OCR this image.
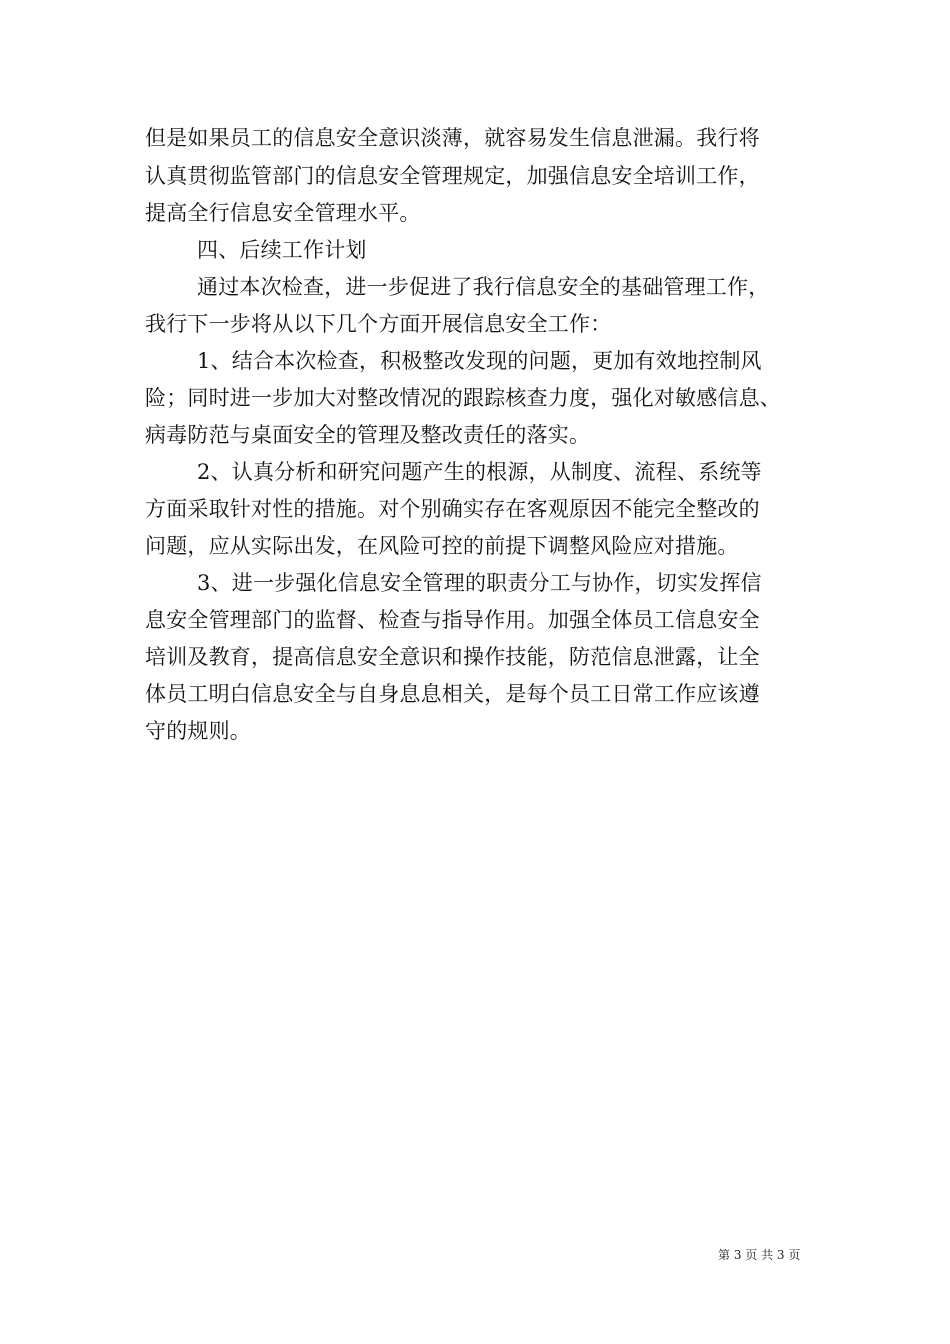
但是如果员工的信息安全意识淡薄，就容易发生信息泄漏。我行将
认真贯彻监管部门的信息安全管理规定，加强信息安全培训工作，
提高全行信息安全管理水平。
四、后续工作计划
通过本次检查，进一步促进了我行信息安全的基础管理工作，
我行下一步将从以下几个方面开展信息安全工作：
1、结合本次检查，积极整改发现的问题，更加有效地控制风
险；同时进一步加大对整改情况的跟踪核查力度，强化对敏感信息、
病毒防范与桌面安全的管理及整改责任的落实。
2、认真分析和研究问题产生的根源，从制度、流程、系统等
方面采取针对性的措施。对个别确实存在客观原因不能完全整改的
问题，应从实际出发，在风险可控的前提下调整风险应对措施。
3、进一步强化信息安全管理的职责分工与协作，切实发挥信
息安全管理部门的监督、检查与指导作用。加强全体员工信息安全
培训及教育，提高信息安全意识和操作技能，防范信息泄露，让全
体员工明白信息安全与自身息息相关，是每个员工日常工作应该遵
守的规则。
第 3 页 共 3 页
